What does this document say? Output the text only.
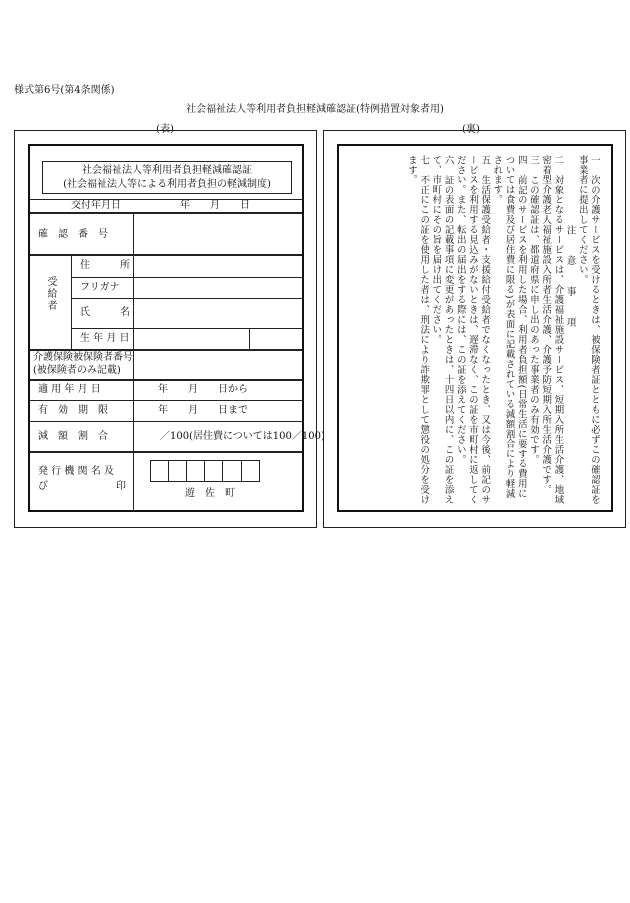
様式第6号(第4条関係)
社会福祉法人等利用者負担軽減確認証(特例措置対象者用)
(表)	(裏)
社会福祉法人等利用者負担軽減確認証
(社会福祉法人等による利用者負担の軽減制度)
交付年月日	年　　月　　日
確　認　番　号
受給者
住　　　所
フリガナ
氏　　　名
生 年 月 日
介護保険被保険者番号
(被保険者のみ記載)
適 用 年 月 日	年　　月　　日から
有　効　期　限	年　　月　　日まで
減　額　割　合	／100(居住費については100／100)
発 行 機 関 名 及
び	印
遊　佐　町
一　次の介護サービスを受けるときは、被保険者証とともに必ずこの確認証を事業者に提出してください。
注　意　事　項
二　対象となるサービスは、介護福祉施設サービス、短期入所生活介護、地域密着型介護老人福祉施設入所者生活介護、介護予防短期入所生活介護です。
三　この確認証は、都道府県に申し出のあった事業者のみ有効です。
四　前記のサービスを利用した場合、利用者負担額(日常生活に要する費用については食費及び居住費に限る)が表面に記載されている減額割合により軽減されます。
五　生活保護受給者・支援給付受給者でなくなったとき、又は今後、前記のサービスを利用する見込みがないときは、遅滞なく、この証を市町村に返してください。また、転出の届出をする際には、この証を添えてください。
六　証の表面の記載事項に変更があったときは、十四日以内に、この証を添えて、市町村にその旨を届け出てください。
七　不正にこの証を使用した者は、刑法により詐欺罪として懲役の処分を受けます。
